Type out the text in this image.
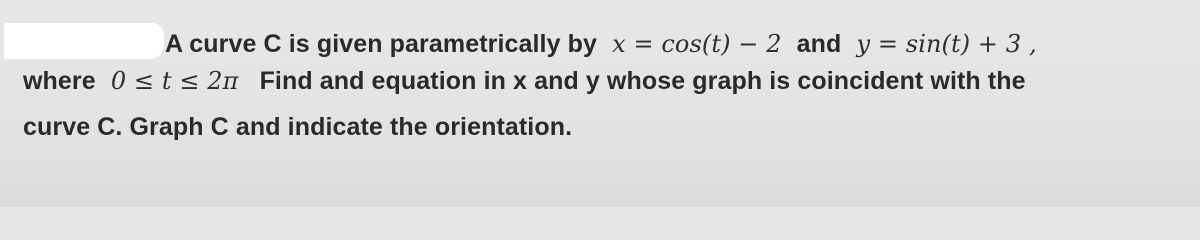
A curve C is given parametrically by x = cos(t) − 2 and y = sin(t) + 3 ,
where 0 ≤ t ≤ 2π Find and equation in x and y whose graph is coincident with the
curve C. Graph C and indicate the orientation.
